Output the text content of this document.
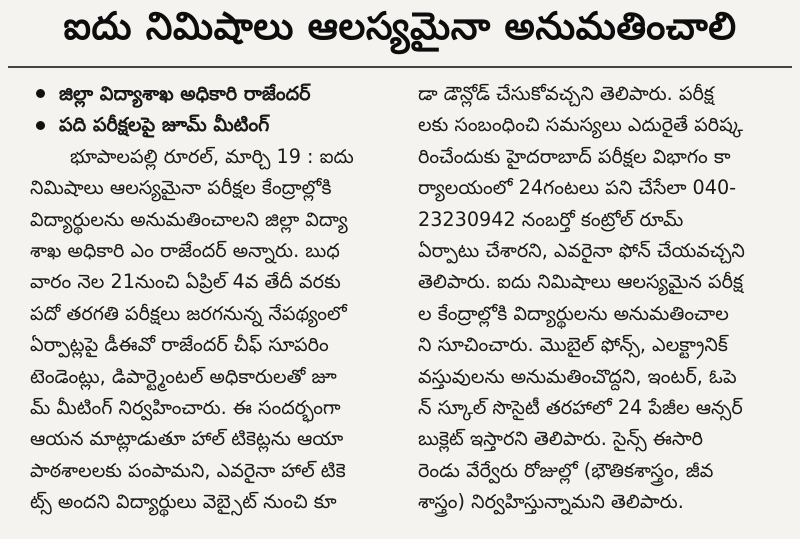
ఐదు నిమిషాలు ఆలస్యమైనా అనుమతించాలి
జిల్లా విద్యాశాఖ అధికారి రాజేందర్
పది పరీక్షలపై జూమ్ మీటింగ్
భూపాలపల్లి రూరల్, మార్చి 19 : ఐదు
నిమిషాలు ఆలస్యమైనా పరీక్షల కేంద్రాల్లోకి
విద్యార్థులను అనుమతించాలని జిల్లా విద్యా
శాఖ అధికారి ఎం రాజేందర్ అన్నారు. బుధ
వారం నెల 21నుంచి ఏప్రిల్ 4వ తేదీ వరకు
పదో తరగతి పరీక్షలు జరగనున్న నేపథ్యంలో
ఏర్పాట్లపై డీఈవో రాజేందర్ చీఫ్ సూపరిం
టెండెంట్లు, డిపార్ట్మెంటల్ అధికారులతో జూ
మ్ మీటింగ్ నిర్వహించారు. ఈ సందర్భంగా
ఆయన మాట్లాడుతూ హాల్ టికెట్లను ఆయా
పాఠశాలలకు పంపామని, ఎవరైనా హాల్ టికె
ట్స్ అందని విద్యార్థులు వెబ్సైట్ నుంచి కూ
డా డౌన్లోడ్ చేసుకోవచ్చని తెలిపారు. పరీక్ష
లకు సంబంధించి సమస్యలు ఎదురైతే పరిష్క
రించేందుకు హైదరాబాద్ పరీక్షల విభాగం కా
ర్యాలయంలో 24గంటలు పని చేసేలా 040-
23230942 నంబర్తో కంట్రోల్ రూమ్
ఏర్పాటు చేశారని, ఎవరైనా ఫోన్ చేయవచ్చని
తెలిపారు. ఐదు నిమిషాలు ఆలస్యమైన పరీక్ష
ల కేంద్రాల్లోకి విద్యార్థులను అనుమతించాల
ని సూచించారు. మొబైల్ ఫోన్స్, ఎలక్ట్రానిక్
వస్తువులను అనుమతించొద్దని, ఇంటర్, ఓపె
న్ స్కూల్ సొసైటీ తరహాలో 24 పేజీల ఆన్సర్
బుక్లెట్ ఇస్తారని తెలిపారు. సైన్స్ ఈసారి
రెండు వేర్వేరు రోజుల్లో (భౌతికశాస్త్రం, జీవ
శాస్త్రం) నిర్వహిస్తున్నామని తెలిపారు.
